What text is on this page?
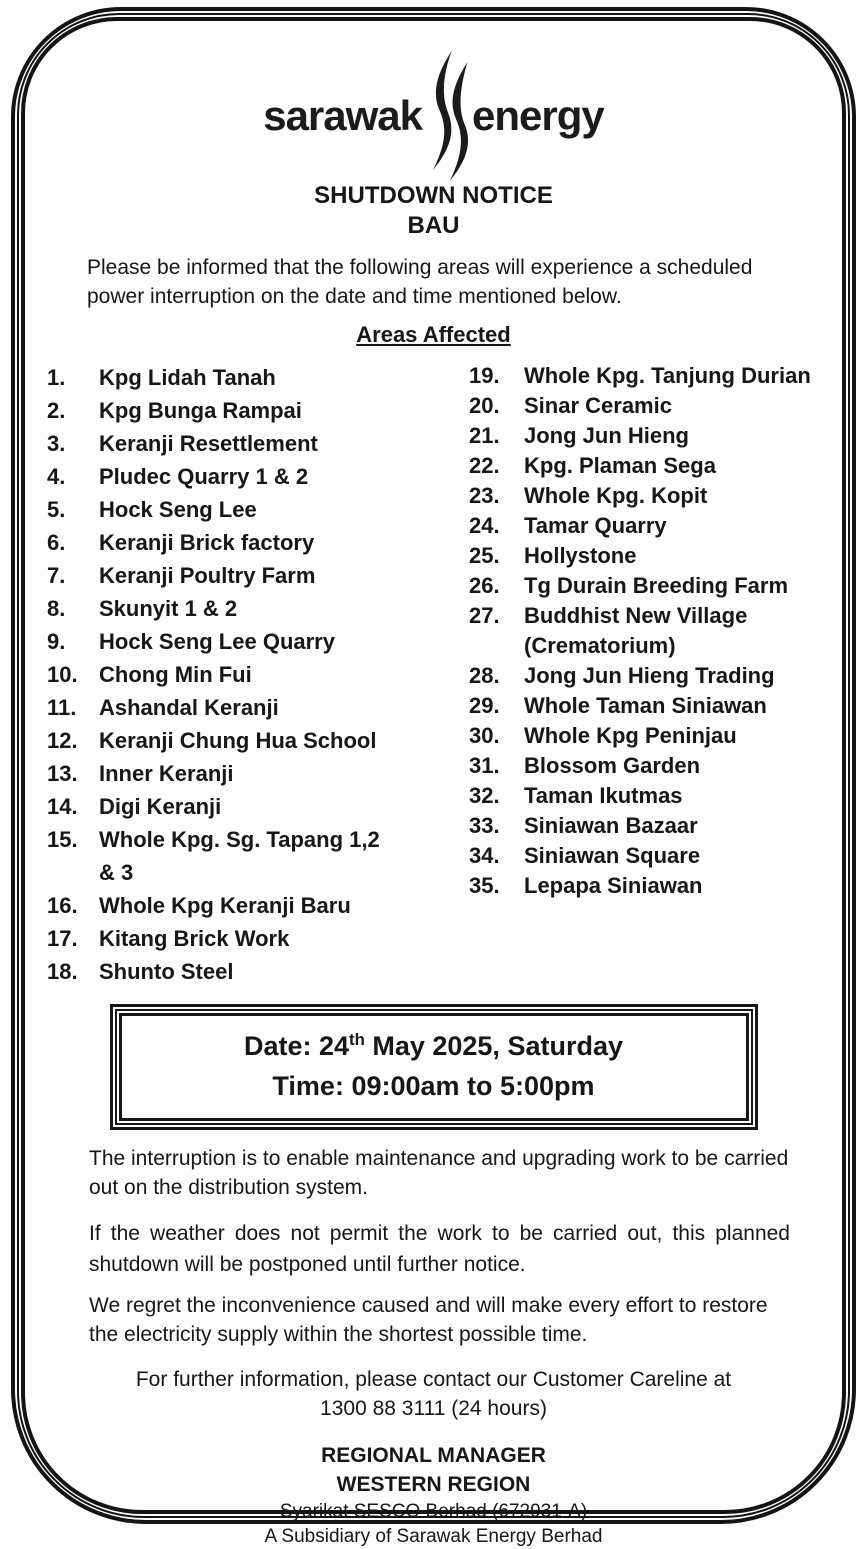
sarawak energy
SHUTDOWN NOTICE
BAU

Please be informed that the following areas will experience a scheduled power interruption on the date and time mentioned below.

Areas Affected
1.	Kpg Lidah Tanah
2.	Kpg Bunga Rampai
3.	Keranji Resettlement
4.	Pludec Quarry 1 & 2
5.	Hock Seng Lee
6.	Keranji Brick factory
7.	Keranji Poultry Farm
8.	Skunyit 1 & 2
9.	Hock Seng Lee Quarry
10. Chong Min Fui
11.	Ashandal Keranji
12. Keranji Chung Hua School
13. Inner Keranji
14. Digi Keranji
15. Whole Kpg. Sg. Tapang 1,2 & 3
16. Whole Kpg Keranji Baru
17. Kitang Brick Work
18. Shunto Steel
19.	Whole Kpg. Tanjung Durian
20.	Sinar Ceramic
21.	Jong Jun Hieng
22.	Kpg. Plaman Sega
23.	Whole Kpg. Kopit
24.	Tamar Quarry
25.	Hollystone
26.	Tg Durain Breeding Farm
27.	Buddhist New Village (Crematorium)
28.	Jong Jun Hieng Trading
29.	Whole Taman Siniawan
30.	Whole Kpg Peninjau
31.	Blossom Garden
32.	Taman Ikutmas
33.	Siniawan Bazaar
34.	Siniawan Square
35.	Lepapa Siniawan
Date: 24th May 2025, Saturday
Time: 09:00am to 5:00pm

The interruption is to enable maintenance and upgrading work to be carried out on the distribution system.

If the weather does not permit the work to be carried out, this planned shutdown will be postponed until further notice.

We regret the inconvenience caused and will make every effort to restore the electricity supply within the shortest possible time.

For further information, please contact our Customer Careline at
1300 88 3111 (24 hours)
REGIONAL MANAGER
WESTERN REGION
Syarikat SESCO Berhad (672931-A)
A Subsidiary of Sarawak Energy Berhad
